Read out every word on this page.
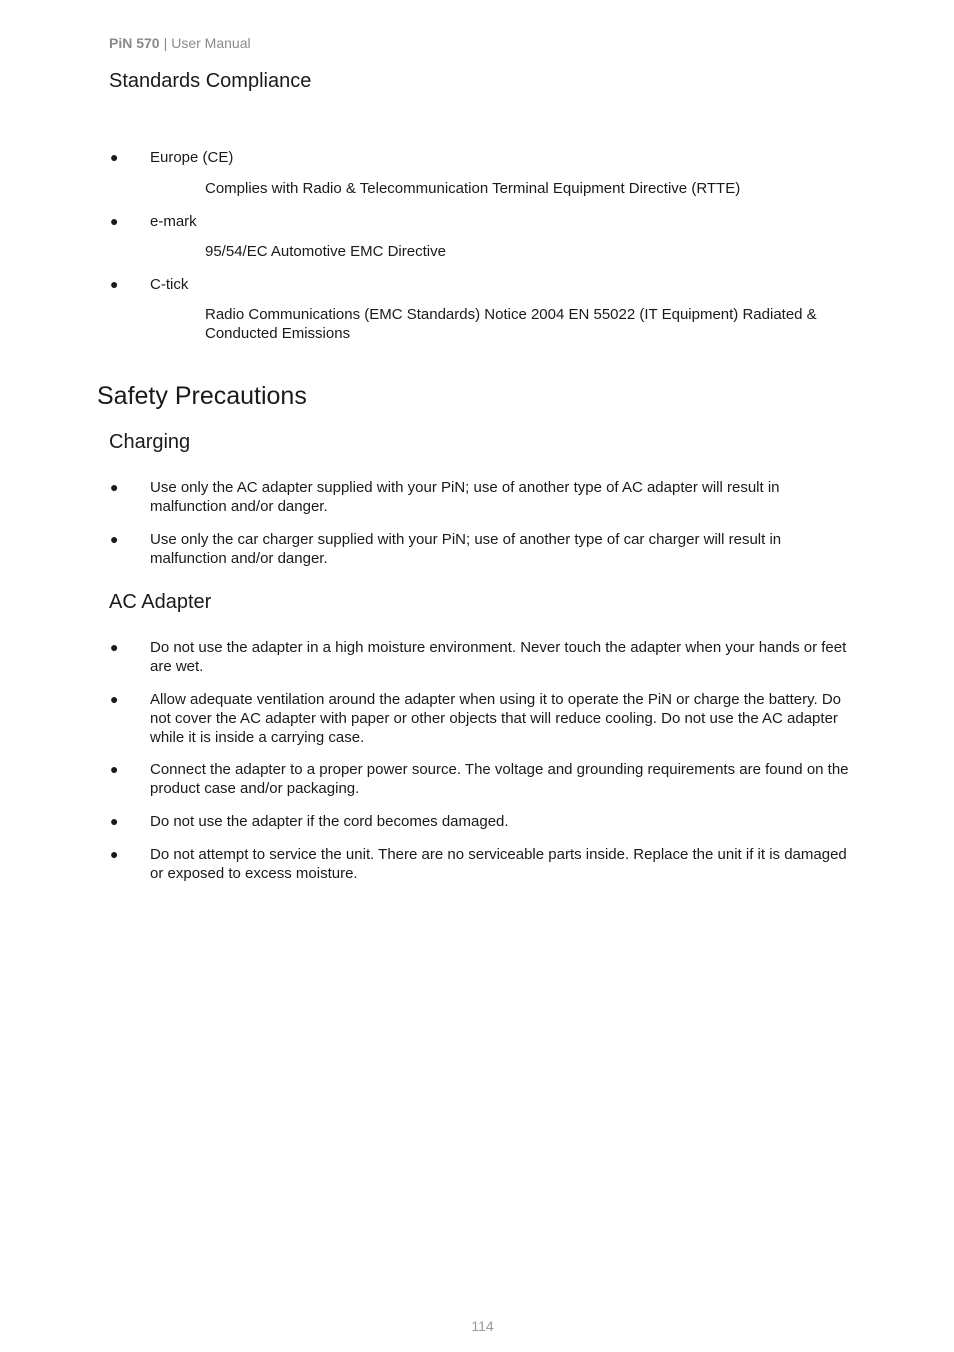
PiN 570 | User Manual
Standards Compliance
● Europe (CE)
Complies with Radio & Telecommunication Terminal Equipment Directive (RTTE)
● e-mark
95/54/EC Automotive EMC Directive
● C-tick
Radio Communications (EMC Standards) Notice 2004 EN 55022 (IT Equipment) Radiated & Conducted Emissions
Safety Precautions
Charging
● Use only the AC adapter supplied with your PiN; use of another type of AC adapter will result in malfunction and/or danger.
● Use only the car charger supplied with your PiN; use of another type of car charger will result in malfunction and/or danger.
AC Adapter
● Do not use the adapter in a high moisture environment. Never touch the adapter when your hands or feet are wet.
● Allow adequate ventilation around the adapter when using it to operate the PiN or charge the battery. Do not cover the AC adapter with paper or other objects that will reduce cooling. Do not use the AC adapter while it is inside a carrying case.
● Connect the adapter to a proper power source. The voltage and grounding requirements are found on the product case and/or packaging.
● Do not use the adapter if the cord becomes damaged.
● Do not attempt to service the unit. There are no serviceable parts inside. Replace the unit if it is damaged or exposed to excess moisture.
114
